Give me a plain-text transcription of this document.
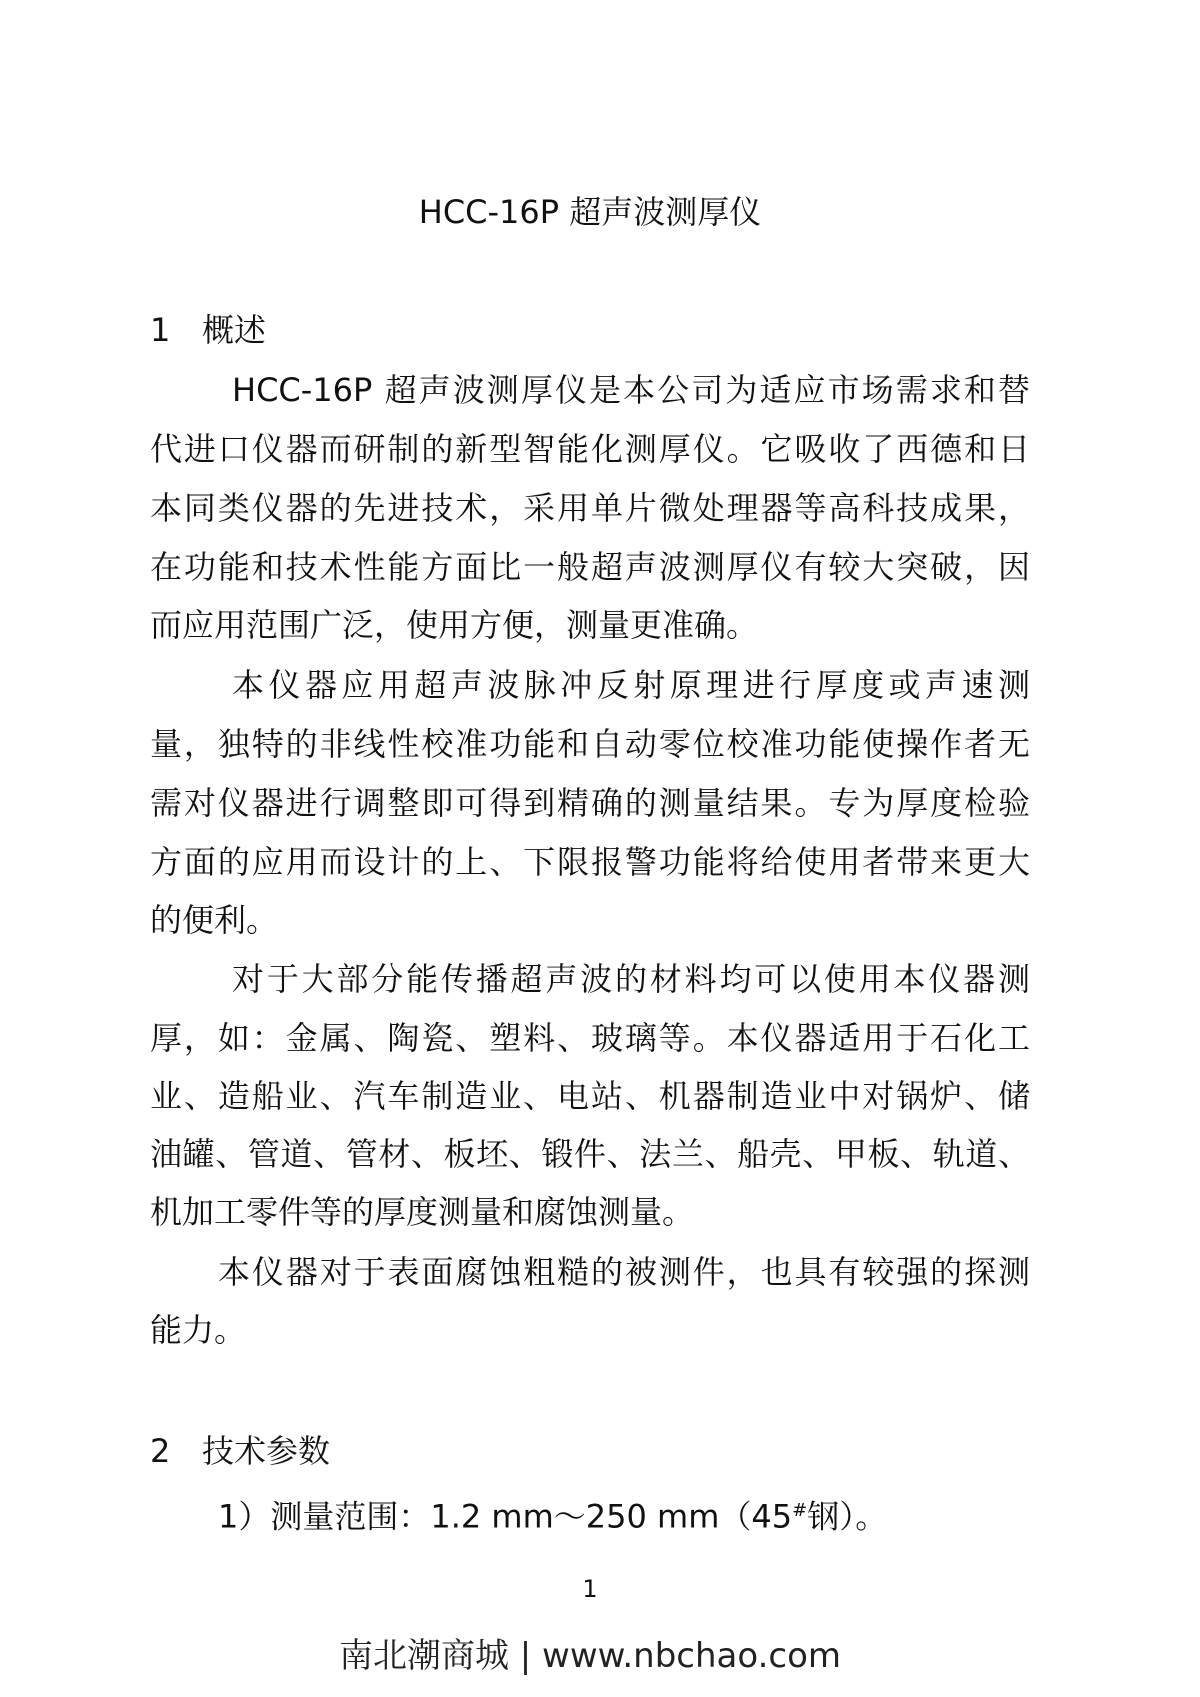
HCC-16P 超声波测厚仪
1 概述
HCC-16P 超声波测厚仪是本公司为适应市场需求和替
代进口仪器而研制的新型智能化测厚仪。它吸收了西德和日
本同类仪器的先进技术，采用单片微处理器等高科技成果，
在功能和技术性能方面比一般超声波测厚仪有较大突破，因
而应用范围广泛，使用方便，测量更准确。
本仪器应用超声波脉冲反射原理进行厚度或声速测
量，独特的非线性校准功能和自动零位校准功能使操作者无
需对仪器进行调整即可得到精确的测量结果。专为厚度检验
方面的应用而设计的上、下限报警功能将给使用者带来更大
的便利。
对于大部分能传播超声波的材料均可以使用本仪器测
厚，如：金属、陶瓷、塑料、玻璃等。本仪器适用于石化工
业、造船业、汽车制造业、电站、机器制造业中对锅炉、储
油罐、管道、管材、板坯、锻件、法兰、船壳、甲板、轨道、
机加工零件等的厚度测量和腐蚀测量。
本仪器对于表面腐蚀粗糙的被测件，也具有较强的探测
能力。
2 技术参数
1）测量范围：1.2 mm～250 mm（45#钢）。
1
南北潮商城 | www.nbchao.com
